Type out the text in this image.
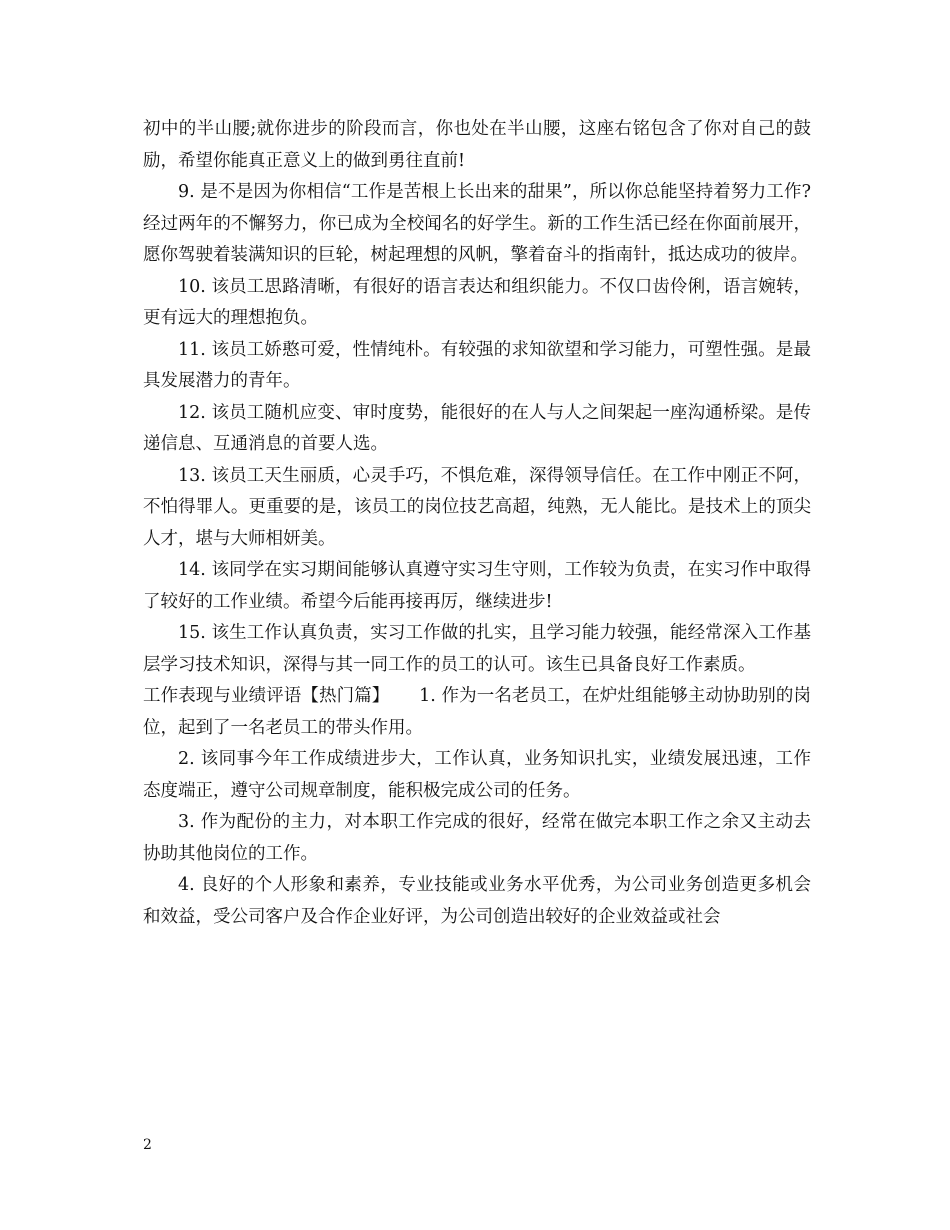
初中的半山腰;就你进步的阶段而言，你也处在半山腰，这座右铭包含了你对自己的鼓励，希望你能真正意义上的做到勇往直前!

9. 是不是因为你相信“工作是苦根上长出来的甜果”，所以你总能坚持着努力工作?经过两年的不懈努力，你已成为全校闻名的好学生。新的工作生活已经在你面前展开，愿你驾驶着装满知识的巨轮，树起理想的风帆，擎着奋斗的指南针，抵达成功的彼岸。

10. 该员工思路清晰，有很好的语言表达和组织能力。不仅口齿伶俐，语言婉转，更有远大的理想抱负。

11. 该员工娇憨可爱，性情纯朴。有较强的求知欲望和学习能力，可塑性强。是最具发展潜力的青年。

12. 该员工随机应变、审时度势，能很好的在人与人之间架起一座沟通桥梁。是传递信息、互通消息的首要人选。

13. 该员工天生丽质，心灵手巧，不惧危难，深得领导信任。在工作中刚正不阿，不怕得罪人。更重要的是，该员工的岗位技艺高超，纯熟，无人能比。是技术上的顶尖人才，堪与大师相妍美。

14. 该同学在实习期间能够认真遵守实习生守则，工作较为负责，在实习作中取得了较好的工作业绩。希望今后能再接再厉，继续进步!

15. 该生工作认真负责，实习工作做的扎实，且学习能力较强，能经常深入工作基层学习技术知识，深得与其一同工作的员工的认可。该生已具备良好工作素质。

工作表现与业绩评语【热门篇】 1. 作为一名老员工，在炉灶组能够主动协助别的岗位，起到了一名老员工的带头作用。

2. 该同事今年工作成绩进步大，工作认真，业务知识扎实，业绩发展迅速，工作态度端正，遵守公司规章制度，能积极完成公司的任务。

3. 作为配份的主力，对本职工作完成的很好，经常在做完本职工作之余又主动去协助其他岗位的工作。

4. 良好的个人形象和素养，专业技能或业务水平优秀，为公司业务创造更多机会和效益，受公司客户及合作企业好评，为公司创造出较好的企业效益或社会

2
